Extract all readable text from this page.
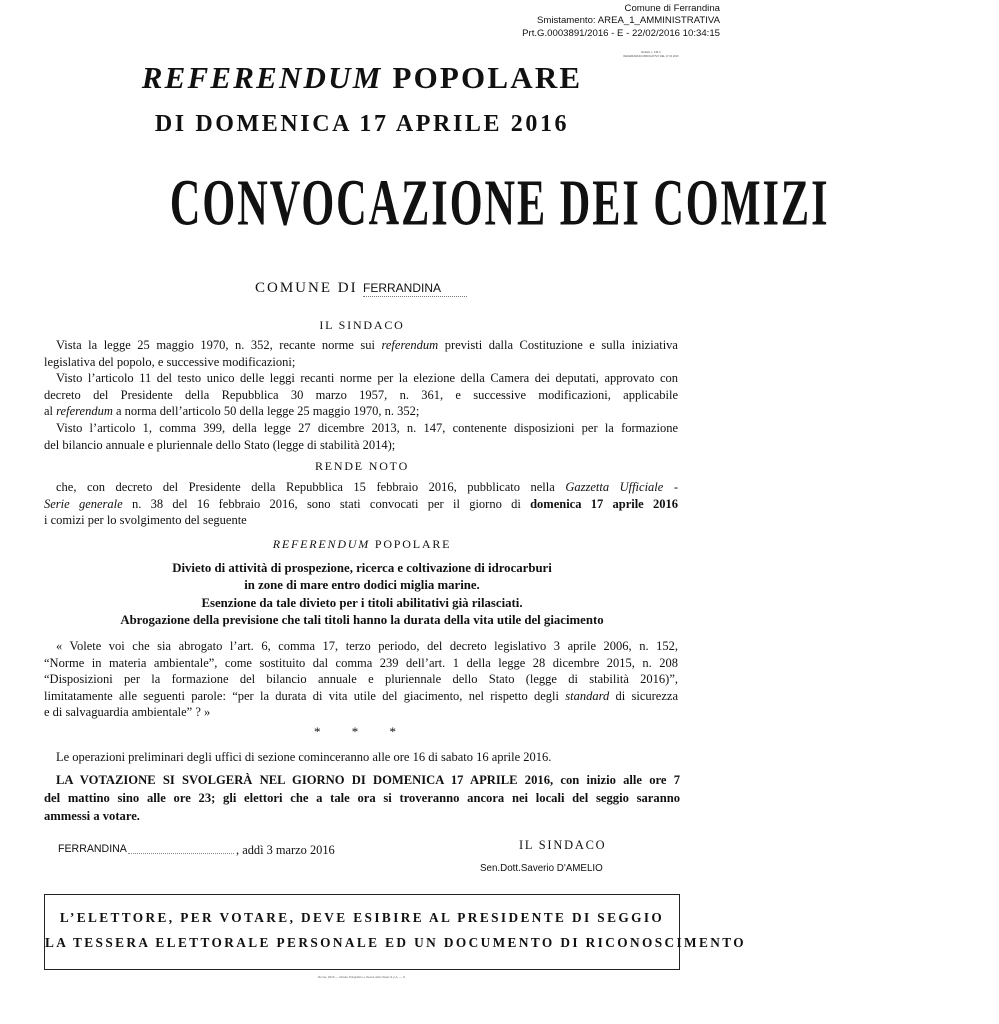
Comune di Ferrandina
Smistamento: AREA_1_AMMINISTRATIVA
Prt.G.0003891/2016 - E - 22/02/2016 10:34:15
Modello n. 148-C
REFERENDUM ABROGATIVO DEL 17.04.2016
REFERENDUM POPOLARE
DI DOMENICA 17 APRILE 2016
CONVOCAZIONE DEI COMIZI
COMUNE DI FERRANDINA
IL SINDACO
Vista la legge 25 maggio 1970, n. 352, recante norme sui referendum previsti dalla Costituzione e sulla iniziativa
legislativa del popolo, e successive modificazioni;
Visto l’articolo 11 del testo unico delle leggi recanti norme per la elezione della Camera dei deputati, approvato con
decreto del Presidente della Repubblica 30 marzo 1957, n. 361, e successive modificazioni, applicabile
al referendum a norma dell’articolo 50 della legge 25 maggio 1970, n. 352;
Visto l’articolo 1, comma 399, della legge 27 dicembre 2013, n. 147, contenente disposizioni per la formazione
del bilancio annuale e pluriennale dello Stato (legge di stabilità 2014);
RENDE NOTO
che, con decreto del Presidente della Repubblica 15 febbraio 2016, pubblicato nella Gazzetta Ufficiale -
Serie generale n. 38 del 16 febbraio 2016, sono stati convocati per il giorno di domenica 17 aprile 2016
i comizi per lo svolgimento del seguente
REFERENDUM POPOLARE
Divieto di attività di prospezione, ricerca e coltivazione di idrocarburi
in zone di mare entro dodici miglia marine.
Esenzione da tale divieto per i titoli abilitativi già rilasciati.
Abrogazione della previsione che tali titoli hanno la durata della vita utile del giacimento
« Volete voi che sia abrogato l’art. 6, comma 17, terzo periodo, del decreto legislativo 3 aprile 2006, n. 152,
“Norme in materia ambientale”, come sostituito dal comma 239 dell’art. 1 della legge 28 dicembre 2015, n. 208
“Disposizioni per la formazione del bilancio annuale e pluriennale dello Stato (legge di stabilità 2016)”,
limitatamente alle seguenti parole: “per la durata di vita utile del giacimento, nel rispetto degli standard di sicurezza
e di salvaguardia ambientale” ? »
* * *
Le operazioni preliminari degli uffici di sezione cominceranno alle ore 16 di sabato 16 aprile 2016.
LA VOTAZIONE SI SVOLGERÀ NEL GIORNO DI DOMENICA 17 APRILE 2016, con inizio alle ore 7
del mattino sino alle ore 23; gli elettori che a tale ora si troveranno ancora nei locali del seggio saranno
ammessi a votare.
FERRANDINA	, addì 3 marzo 2016	IL SINDACO
Sen.Dott.Saverio D'AMELIO
L’ELETTORE, PER VOTARE, DEVE ESIBIRE AL PRESIDENTE DI SEGGIO
LA TESSERA ELETTORALE PERSONALE ED UN DOCUMENTO DI RICONOSCIMENTO
Roma, 2016 — Istituto Poligrafico e Zecca dello Stato S.p.A. — S.
